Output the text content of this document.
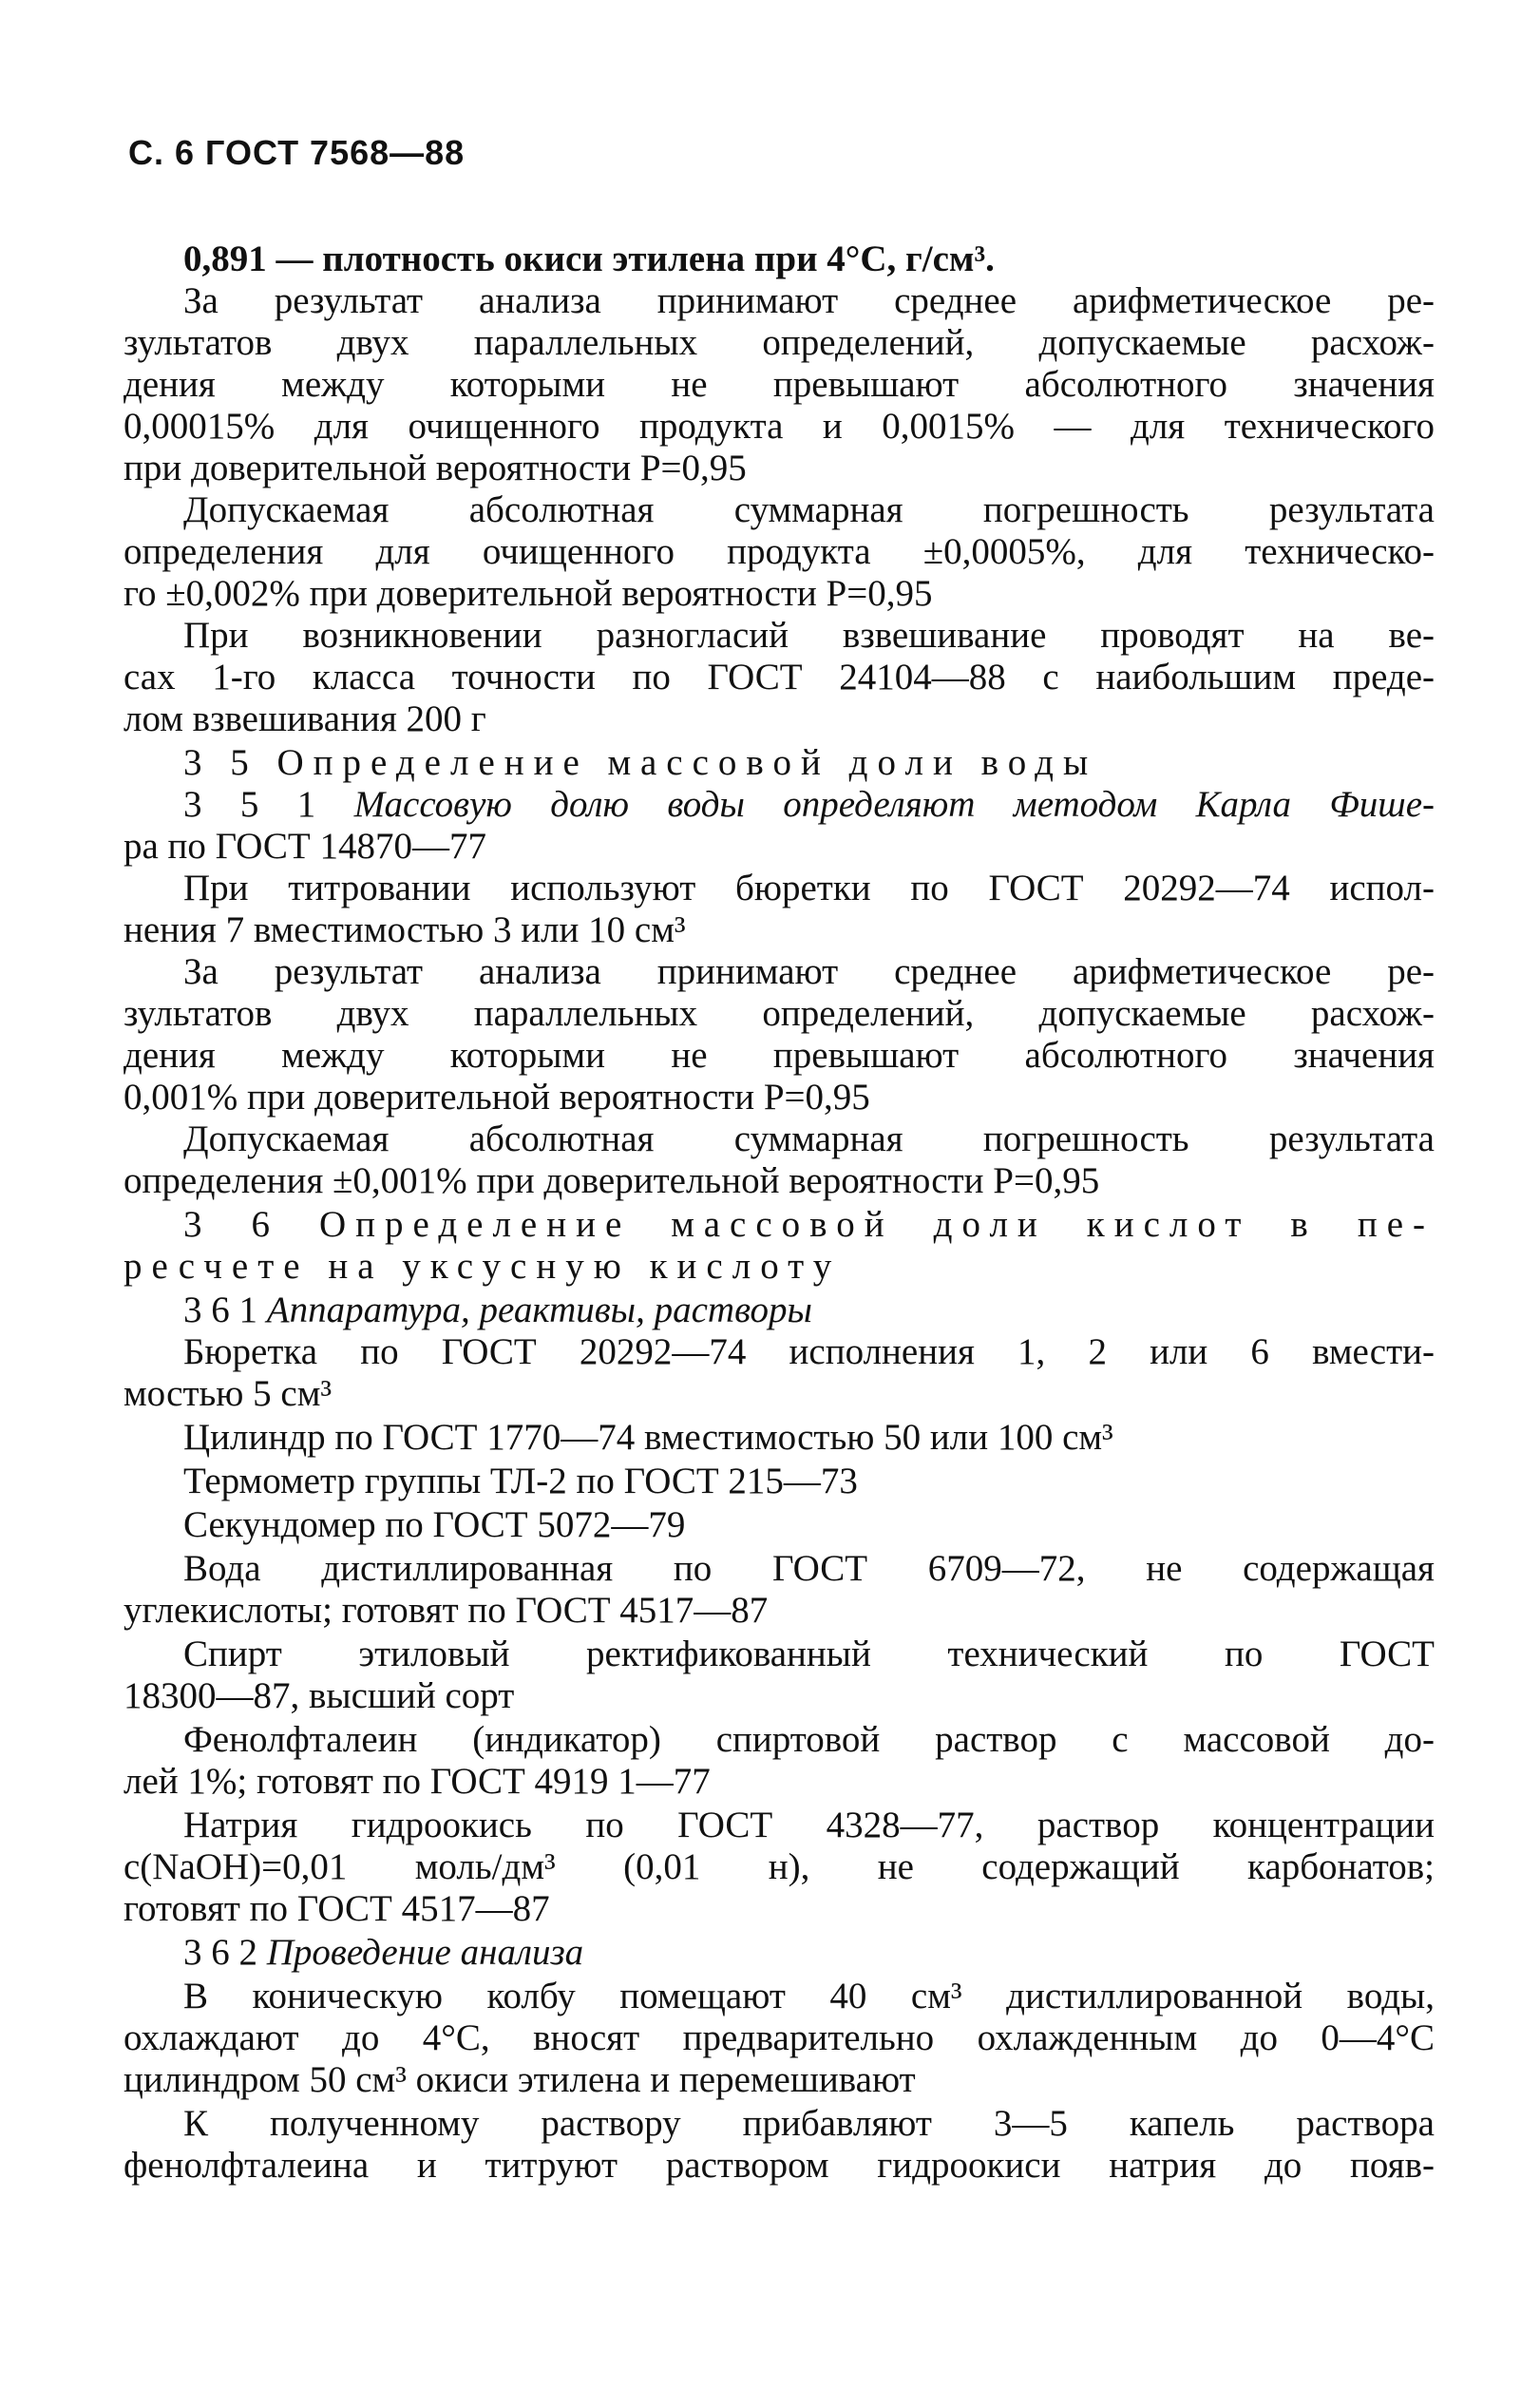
С. 6 ГОСТ 7568—88
0,891 — плотность окиси этилена при 4°С, г/см³.
За результат анализа принимают среднее арифметическое ре-
зультатов двух параллельных определений, допускаемые расхож-
дения между которыми не превышают абсолютного значения
0,00015% для очищенного продукта и 0,0015% — для технического
при доверительной вероятности Р=0,95
Допускаемая абсолютная суммарная погрешность результата
определения для очищенного продукта ±0,0005%, для техническо-
го ±0,002% при доверительной вероятности Р=0,95
При возникновении разногласий взвешивание проводят на ве-
сах 1-го класса точности по ГОСТ 24104—88 с наибольшим преде-
лом взвешивания 200 г
3 5 Определение массовой доли воды
3 5 1 Массовую долю воды определяют методом Карла Фише-
ра по ГОСТ 14870—77
При титровании используют бюретки по ГОСТ 20292—74 испол-
нения 7 вместимостью 3 или 10 см³
За результат анализа принимают среднее арифметическое ре-
зультатов двух параллельных определений, допускаемые расхож-
дения между которыми не превышают абсолютного значения
0,001% при доверительной вероятности Р=0,95
Допускаемая абсолютная суммарная погрешность результата
определения ±0,001% при доверительной вероятности Р=0,95
3 6 Определение массовой доли кислот в пе-
ресчете на уксусную кислоту
3 6 1 Аппаратура, реактивы, растворы
Бюретка по ГОСТ 20292—74 исполнения 1, 2 или 6 вмести-
мостью 5 см³
Цилиндр по ГОСТ 1770—74 вместимостью 50 или 100 см³
Термометр группы ТЛ-2 по ГОСТ 215—73
Секундомер по ГОСТ 5072—79
Вода дистиллированная по ГОСТ 6709—72, не содержащая
углекислоты; готовят по ГОСТ 4517—87
Спирт этиловый ректификованный технический по ГОСТ
18300—87, высший сорт
Фенолфталеин (индикатор) спиртовой раствор с массовой до-
лей 1%; готовят по ГОСТ 4919 1—77
Натрия гидроокись по ГОСТ 4328—77, раствор концентрации
c(NaOH)=0,01 моль/дм³ (0,01 н), не содержащий карбонатов;
готовят по ГОСТ 4517—87
3 6 2 Проведение анализа
В коническую колбу помещают 40 см³ дистиллированной воды,
охлаждают до 4°С, вносят предварительно охлажденным до 0—4°С
цилиндром 50 см³ окиси этилена и перемешивают
К полученному раствору прибавляют 3—5 капель раствора
фенолфталеина и титруют раствором гидроокиси натрия до появ-
